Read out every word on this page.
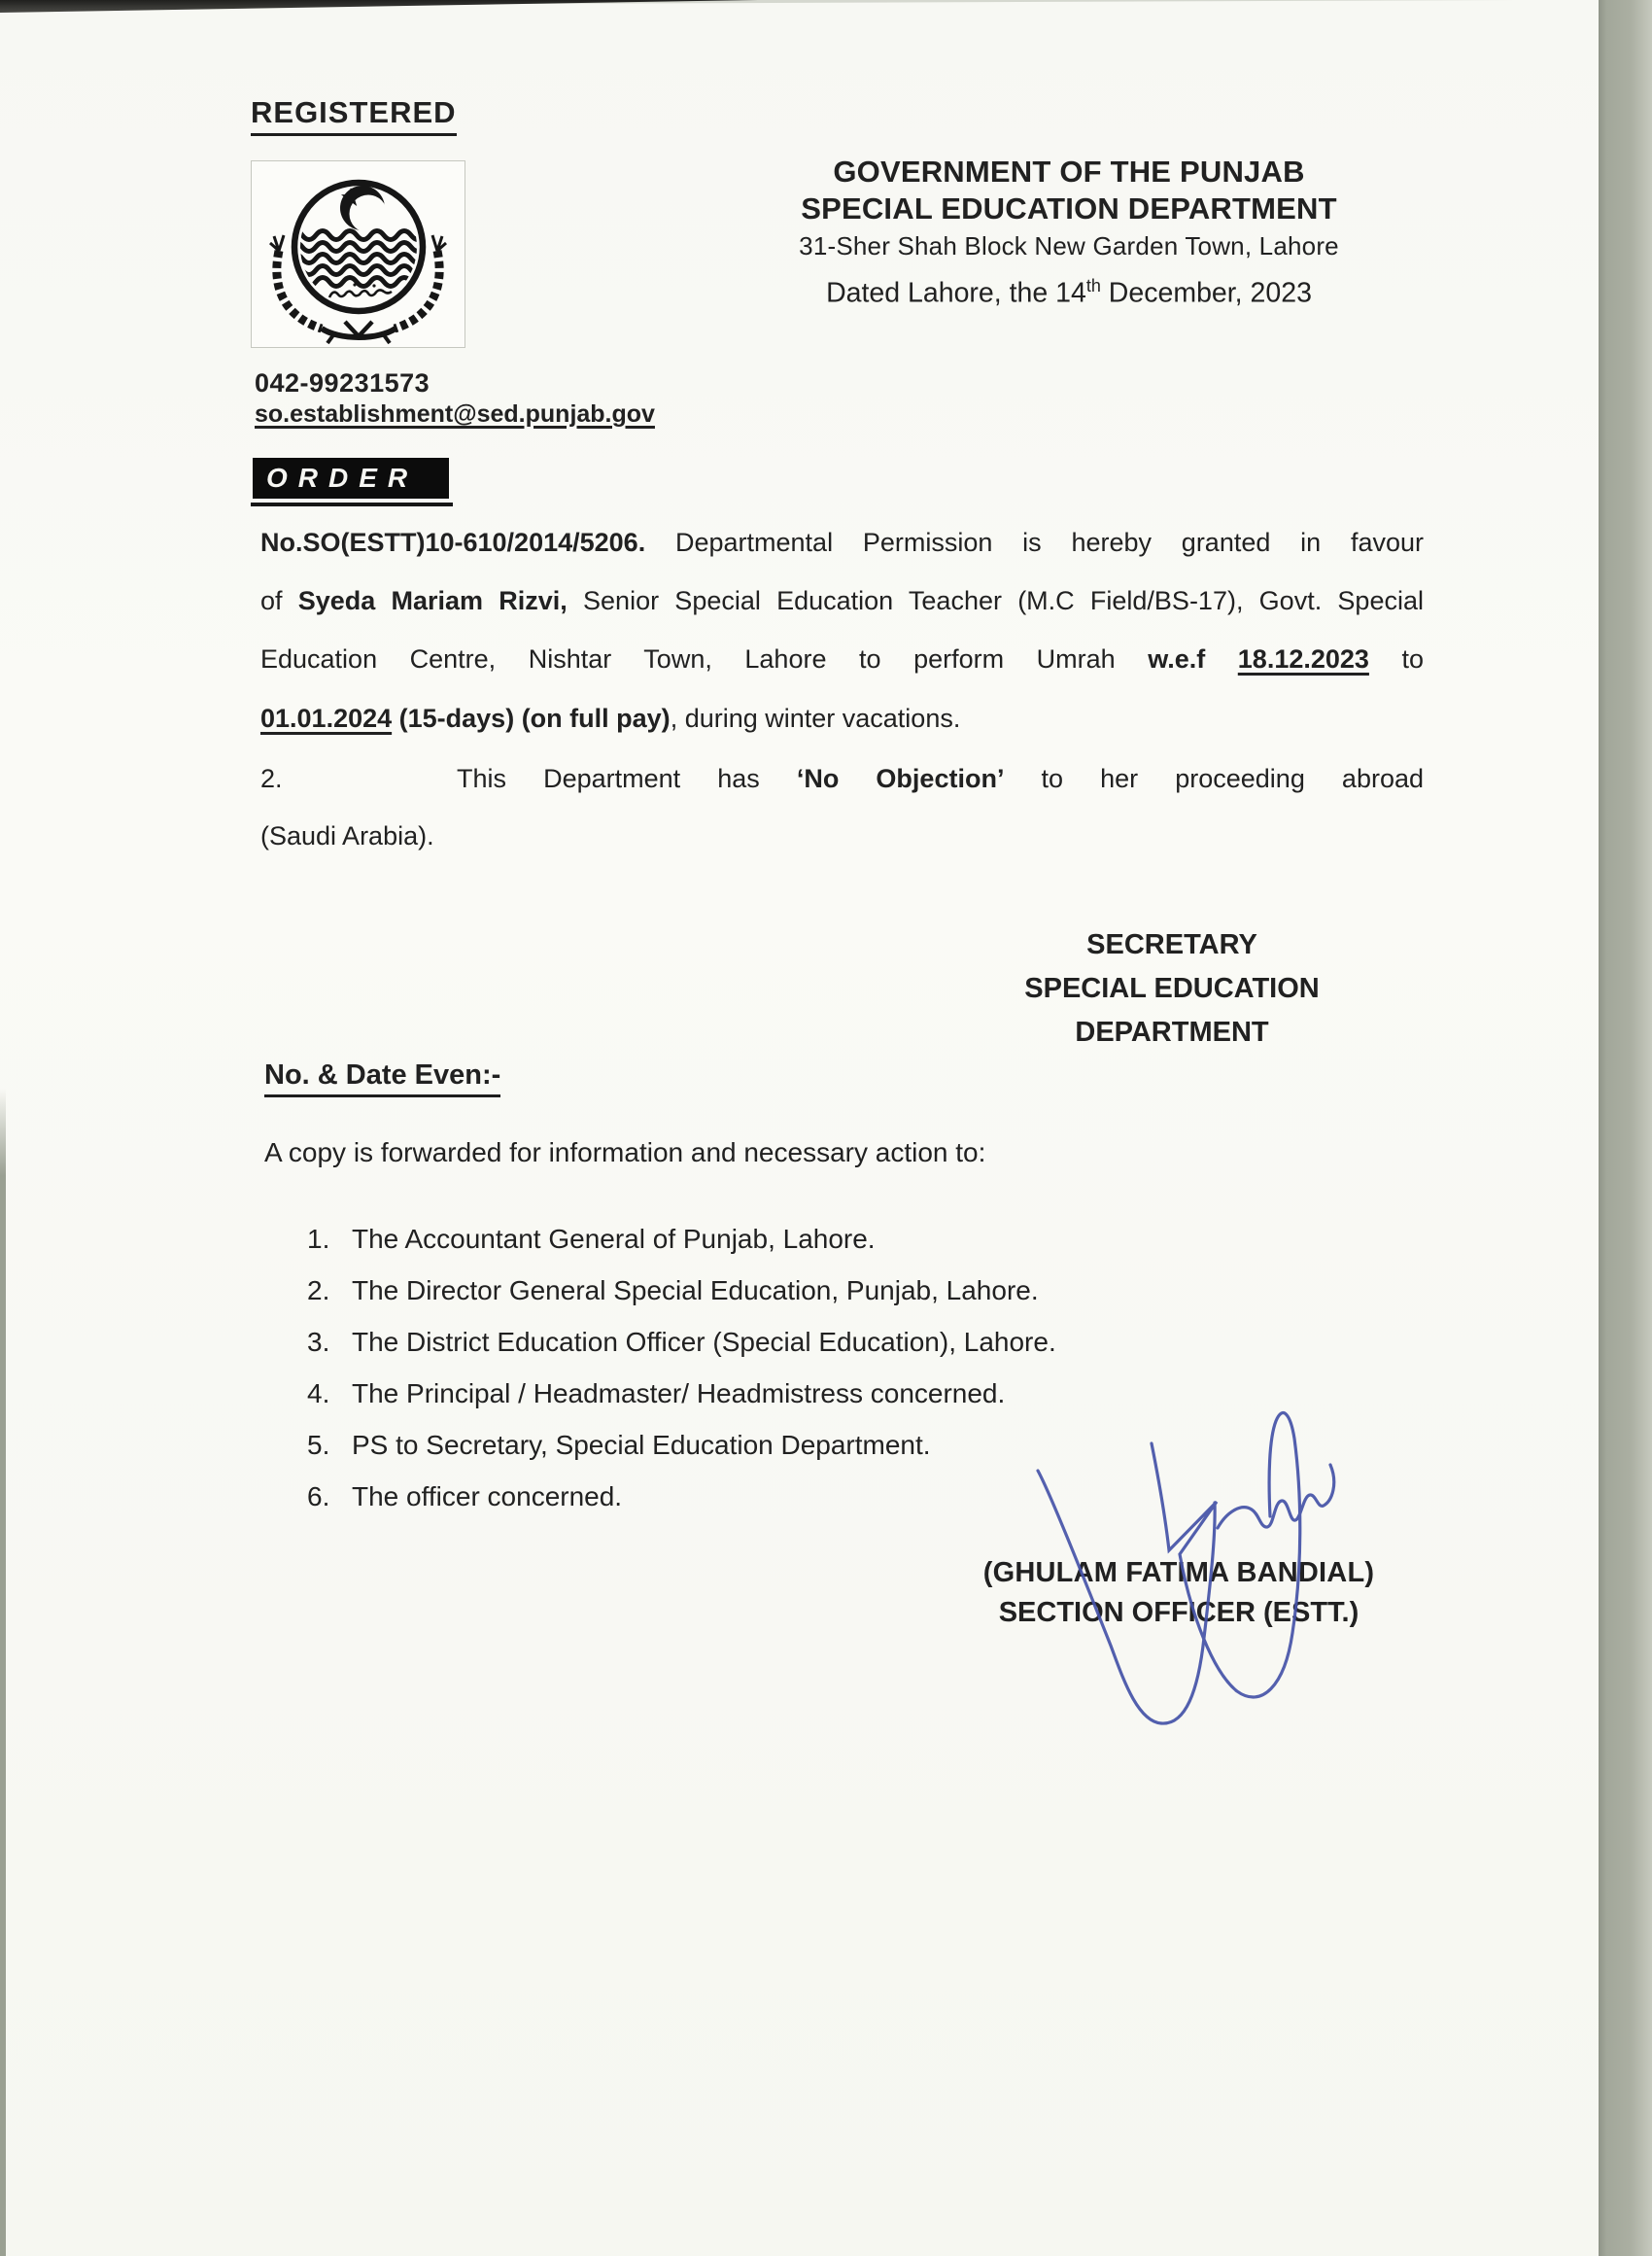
REGISTERED
GOVERNMENT OF THE PUNJAB
SPECIAL EDUCATION DEPARTMENT
31-Sher Shah Block New Garden Town, Lahore
Dated Lahore, the 14th December, 2023
042-99231573
so.establishment@sed.punjab.gov
ORDER
No.SO(ESTT)10-610/2014/5206. Departmental Permission is hereby granted in favour
of Syeda Mariam Rizvi, Senior Special Education Teacher (M.C Field/BS-17), Govt. Special
Education Centre, Nishtar Town, Lahore to perform Umrah w.e.f 18.12.2023 to
01.01.2024 (15-days) (on full pay), during winter vacations.
2.	This Department has ‘No Objection’ to her proceeding abroad
(Saudi Arabia).
SECRETARY
SPECIAL EDUCATION
DEPARTMENT
No. & Date Even:-
A copy is forwarded for information and necessary action to:
1. The Accountant General of Punjab, Lahore.
2. The Director General Special Education, Punjab, Lahore.
3. The District Education Officer (Special Education), Lahore.
4. The Principal / Headmaster/ Headmistress concerned.
5. PS to Secretary, Special Education Department.
6. The officer concerned.
(GHULAM FATIMA BANDIAL)
SECTION OFFICER (ESTT.)
